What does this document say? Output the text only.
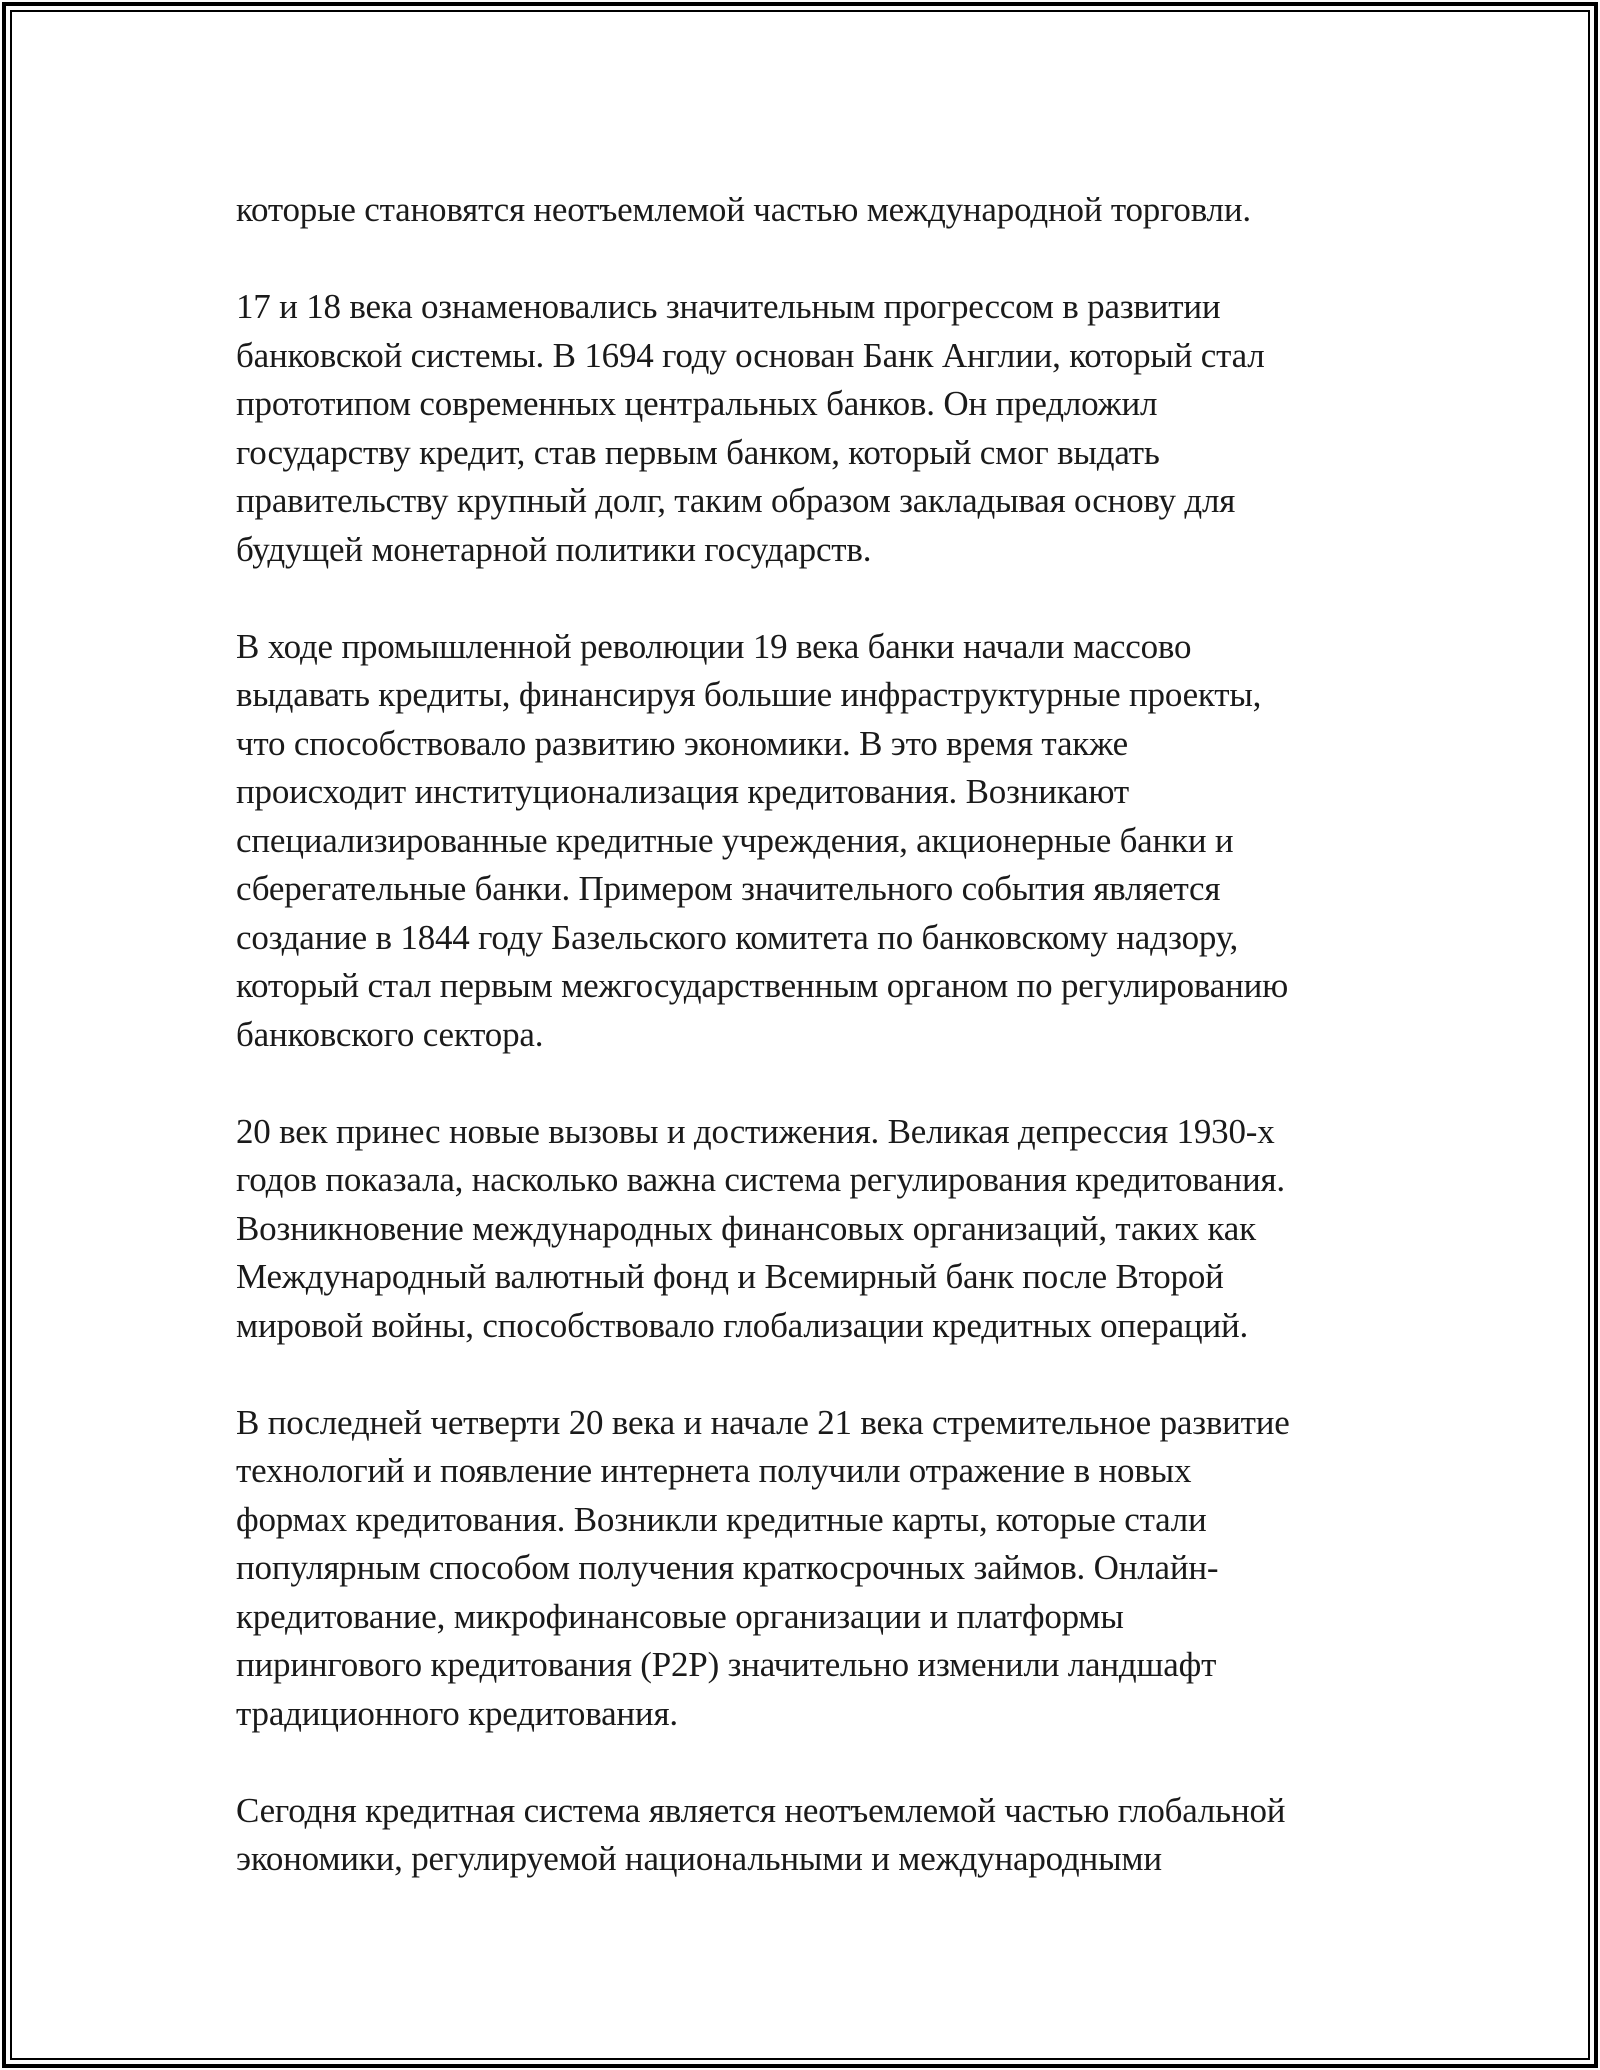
которые становятся неотъемлемой частью международной торговли.

17 и 18 века ознаменовались значительным прогрессом в развитии
банковской системы. В 1694 году основан Банк Англии, который стал
прототипом современных центральных банков. Он предложил
государству кредит, став первым банком, который смог выдать
правительству крупный долг, таким образом закладывая основу для
будущей монетарной политики государств.

В ходе промышленной революции 19 века банки начали массово
выдавать кредиты, финансируя большие инфраструктурные проекты,
что способствовало развитию экономики. В это время также
происходит институционализация кредитования. Возникают
специализированные кредитные учреждения, акционерные банки и
сберегательные банки. Примером значительного события является
создание в 1844 году Базельского комитета по банковскому надзору,
который стал первым межгосударственным органом по регулированию
банковского сектора.

20 век принес новые вызовы и достижения. Великая депрессия 1930-х
годов показала, насколько важна система регулирования кредитования.
Возникновение международных финансовых организаций, таких как
Международный валютный фонд и Всемирный банк после Второй
мировой войны, способствовало глобализации кредитных операций.

В последней четверти 20 века и начале 21 века стремительное развитие
технологий и появление интернета получили отражение в новых
формах кредитования. Возникли кредитные карты, которые стали
популярным способом получения краткосрочных займов. Онлайн-
кредитование, микрофинансовые организации и платформы
пирингового кредитования (P2P) значительно изменили ландшафт
традиционного кредитования.

Сегодня кредитная система является неотъемлемой частью глобальной
экономики, регулируемой национальными и международными
